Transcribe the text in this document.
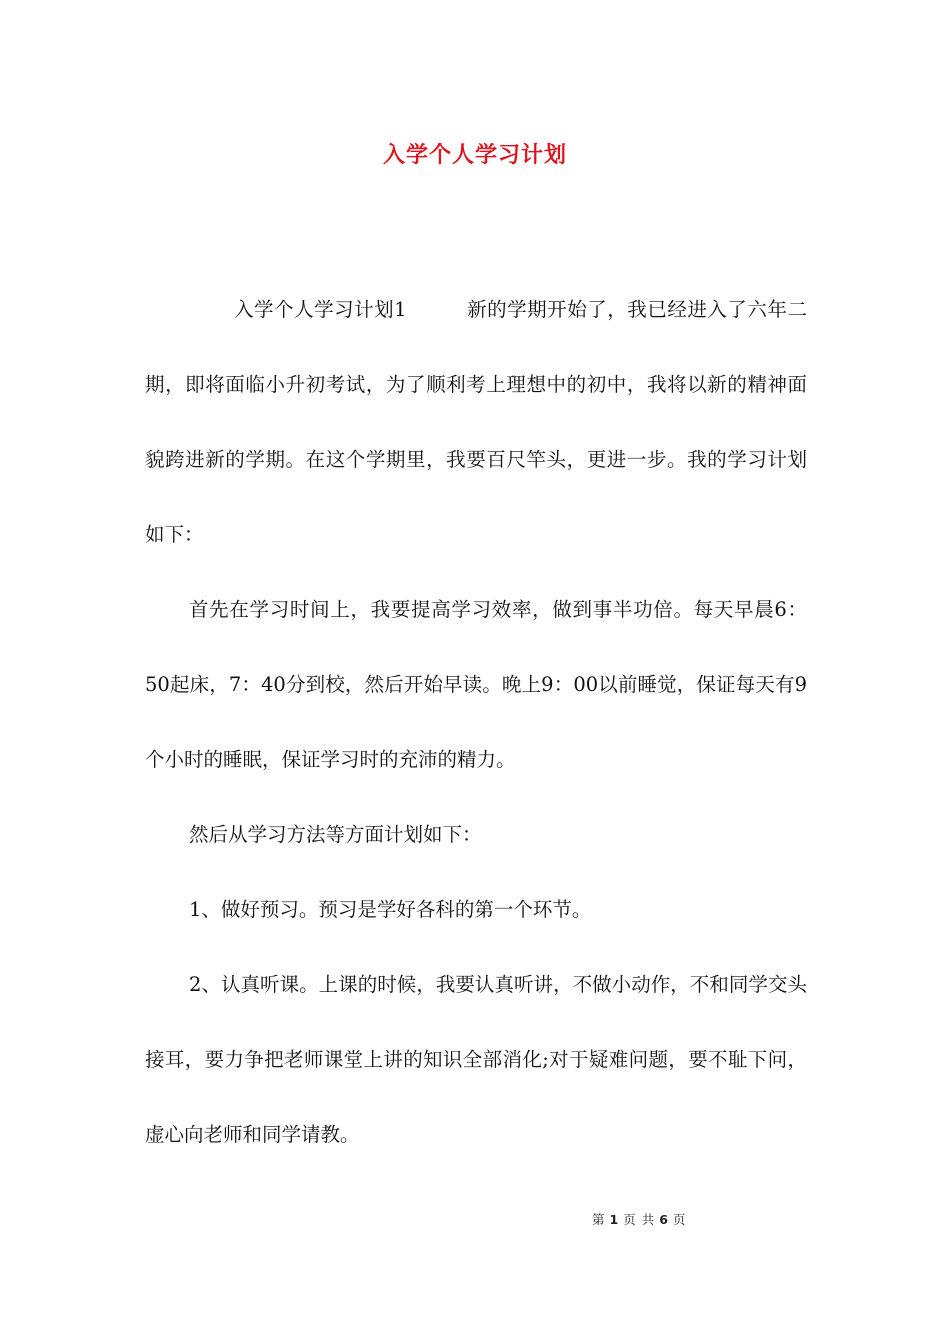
入学个人学习计划

入学个人学习计划1	新的学期开始了，我已经进入了六年二期，即将面临小升初考试，为了顺利考上理想中的初中，我将以新的精神面貌跨进新的学期。在这个学期里，我要百尺竿头，更进一步。我的学习计划如下：

首先在学习时间上，我要提高学习效率，做到事半功倍。每天早晨6：50起床，7：40分到校，然后开始早读。晚上9：00以前睡觉，保证每天有9个小时的睡眠，保证学习时的充沛的精力。

然后从学习方法等方面计划如下：

1、做好预习。预习是学好各科的第一个环节。

2、认真听课。上课的时候，我要认真听讲，不做小动作，不和同学交头接耳，要力争把老师课堂上讲的知识全部消化;对于疑难问题，要不耻下问，虚心向老师和同学请教。

第 1 页 共 6 页
